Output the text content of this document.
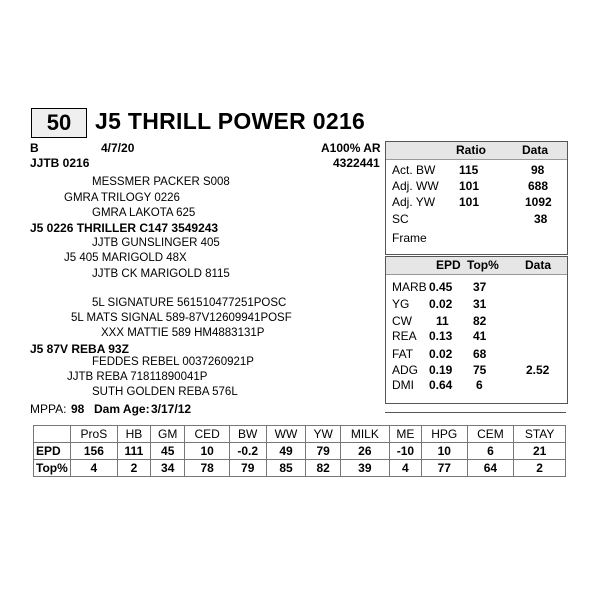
50	J5 THRILL POWER 0216
B	4/7/20	A100% AR
JJTB 0216	4322441
MESSMER PACKER S008
GMRA TRILOGY 0226
GMRA LAKOTA 625
J5 0226 THRILLER C147 3549243
JJTB GUNSLINGER 405
J5 405 MARIGOLD 48X
JJTB CK MARIGOLD 8115
5L SIGNATURE 561510477251POSC
5L MATS SIGNAL 589-87V12609941POSF
XXX MATTIE 589 HM4883131P
J5 87V REBA 93Z
FEDDES REBEL 0037260921P
JJTB REBA 71811890041P
SUTH GOLDEN REBA 576L
MPPA: 98 Dam Age: 3/17/12
Ratio	Data
Act. BW 115	98
Adj. WW 101	688
Adj. YW 101	1092
SC	38
Frame
EPD Top% Data
MARB 0.45 37
YG 0.02 31
CW 11 82
REA 0.13 41
FAT 0.02 68
ADG 0.19 75	2.52
DMI 0.64 6
	ProS	HB	GM	CED	BW	WW	YW	MILK	ME	HPG	CEM	STAY
EPD	156	111	45	10	-0.2	49	79	26	-10	10	6	21
Top%	4	2	34	78	79	85	82	39	4	77	64	2
